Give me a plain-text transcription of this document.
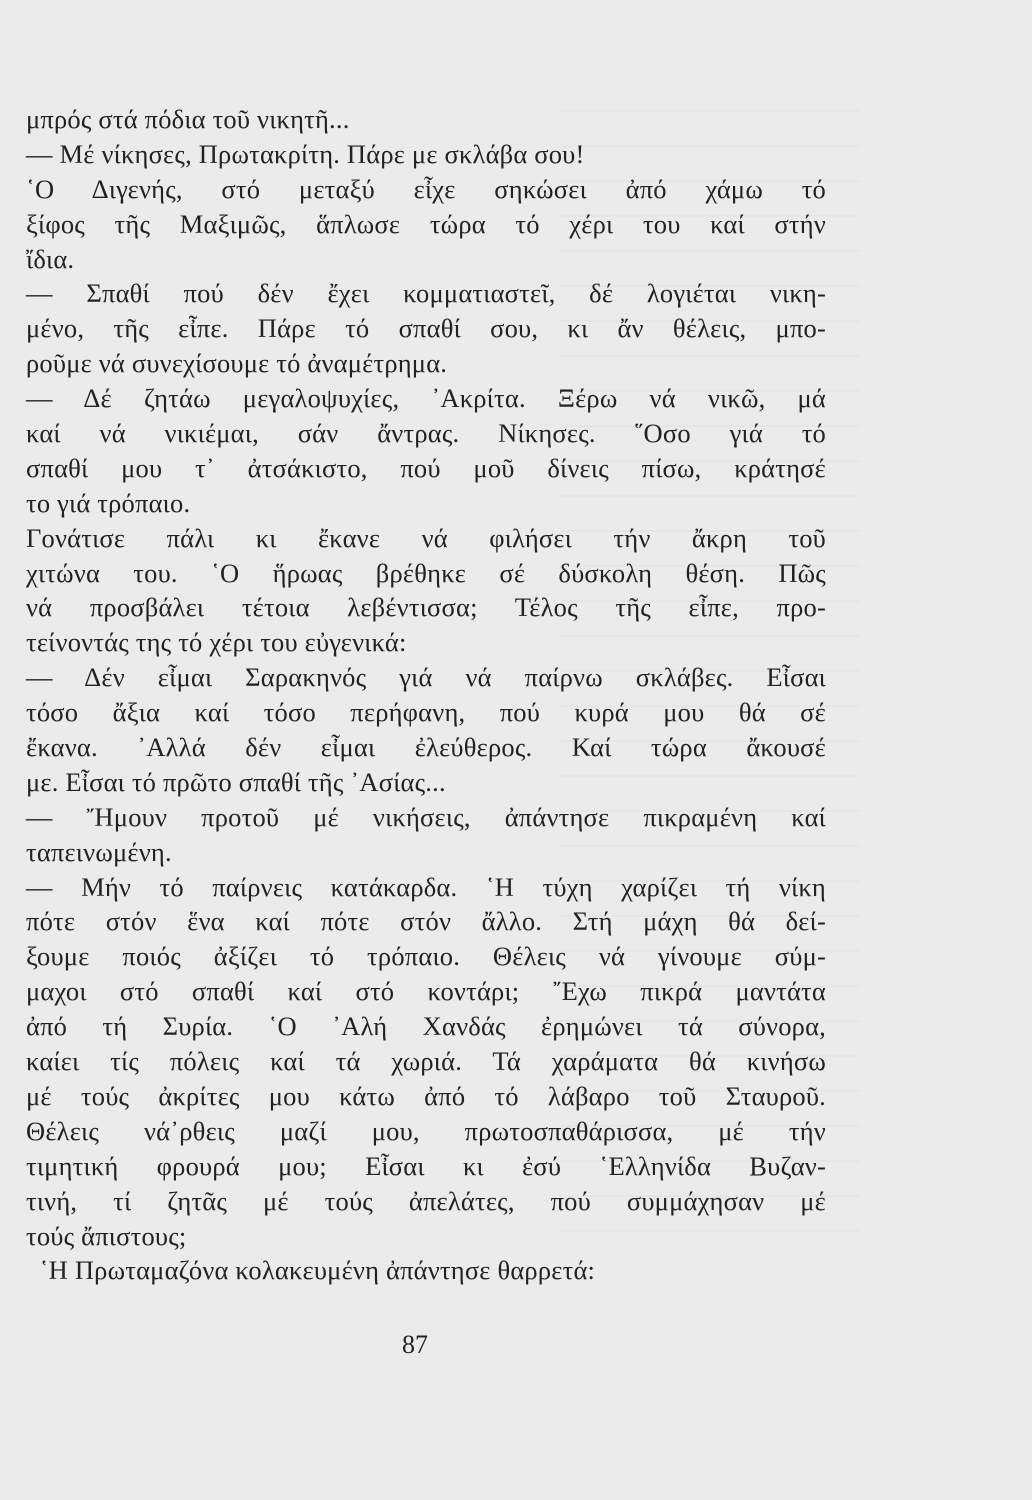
μπρός στά πόδια τοῦ νικητῆ...
— Μέ νίκησες, Πρωτακρίτη. Πάρε με σκλάβα σου!
῾Ο Διγενής, στό μεταξύ εἶχε σηκώσει ἀπό χάμω τό
ξίφος τῆς Μαξιμῶς, ἅπλωσε τώρα τό χέρι του καί στήν
ἴδια.
— Σπαθί πού δέν ἔχει κομματιαστεῖ, δέ λογιέται νικη-
μένο, τῆς εἶπε. Πάρε τό σπαθί σου, κι ἄν θέλεις, μπο-
ροῦμε νά συνεχίσουμε τό ἀναμέτρημα.
— Δέ ζητάω μεγαλοψυχίες, ᾿Ακρίτα. Ξέρω νά νικῶ, μά
καί νά νικιέμαι, σάν ἄντρας. Νίκησες. ῞Οσο γιά τό
σπαθί μου τ᾿ ἀτσάκιστο, πού μοῦ δίνεις πίσω, κράτησέ
το γιά τρόπαιο.
Γονάτισε πάλι κι ἔκανε νά φιλήσει τήν ἄκρη τοῦ
χιτώνα του. ῾Ο ἥρωας βρέθηκε σέ δύσκολη θέση. Πῶς
νά προσβάλει τέτοια λεβέντισσα; Τέλος τῆς εἶπε, προ-
τείνοντάς της τό χέρι του εὐγενικά:
— Δέν εἶμαι Σαρακηνός γιά νά παίρνω σκλάβες. Εἶσαι
τόσο ἄξια καί τόσο περήφανη, πού κυρά μου θά σέ
ἔκανα. ᾿Αλλά δέν εἶμαι ἐλεύθερος. Καί τώρα ἄκουσέ
με. Εἶσαι τό πρῶτο σπαθί τῆς ᾿Ασίας...
— Ἤμουν προτοῦ μέ νικήσεις, ἀπάντησε πικραμένη καί
ταπεινωμένη.
— Μήν τό παίρνεις κατάκαρδα. ῾Η τύχη χαρίζει τή νίκη
πότε στόν ἕνα καί πότε στόν ἄλλο. Στή μάχη θά δεί-
ξουμε ποιός ἀξίζει τό τρόπαιο. Θέλεις νά γίνουμε σύμ-
μαχοι στό σπαθί καί στό κοντάρι; ῎Εχω πικρά μαντάτα
ἀπό τή Συρία. ῾Ο ᾿Αλή Χανδάς ἐρημώνει τά σύνορα,
καίει τίς πόλεις καί τά χωριά. Τά χαράματα θά κινήσω
μέ τούς ἀκρίτες μου κάτω ἀπό τό λάβαρο τοῦ Σταυροῦ.
Θέλεις νά᾿ρθεις μαζί μου, πρωτοσπαθάρισσα, μέ τήν
τιμητική φρουρά μου; Εἶσαι κι ἐσύ ῾Ελληνίδα Βυζαν-
τινή, τί ζητᾶς μέ τούς ἀπελάτες, πού συμμάχησαν μέ
τούς ἄπιστους;
῾Η Πρωταμαζόνα κολακευμένη ἀπάντησε θαρρετά:
87
